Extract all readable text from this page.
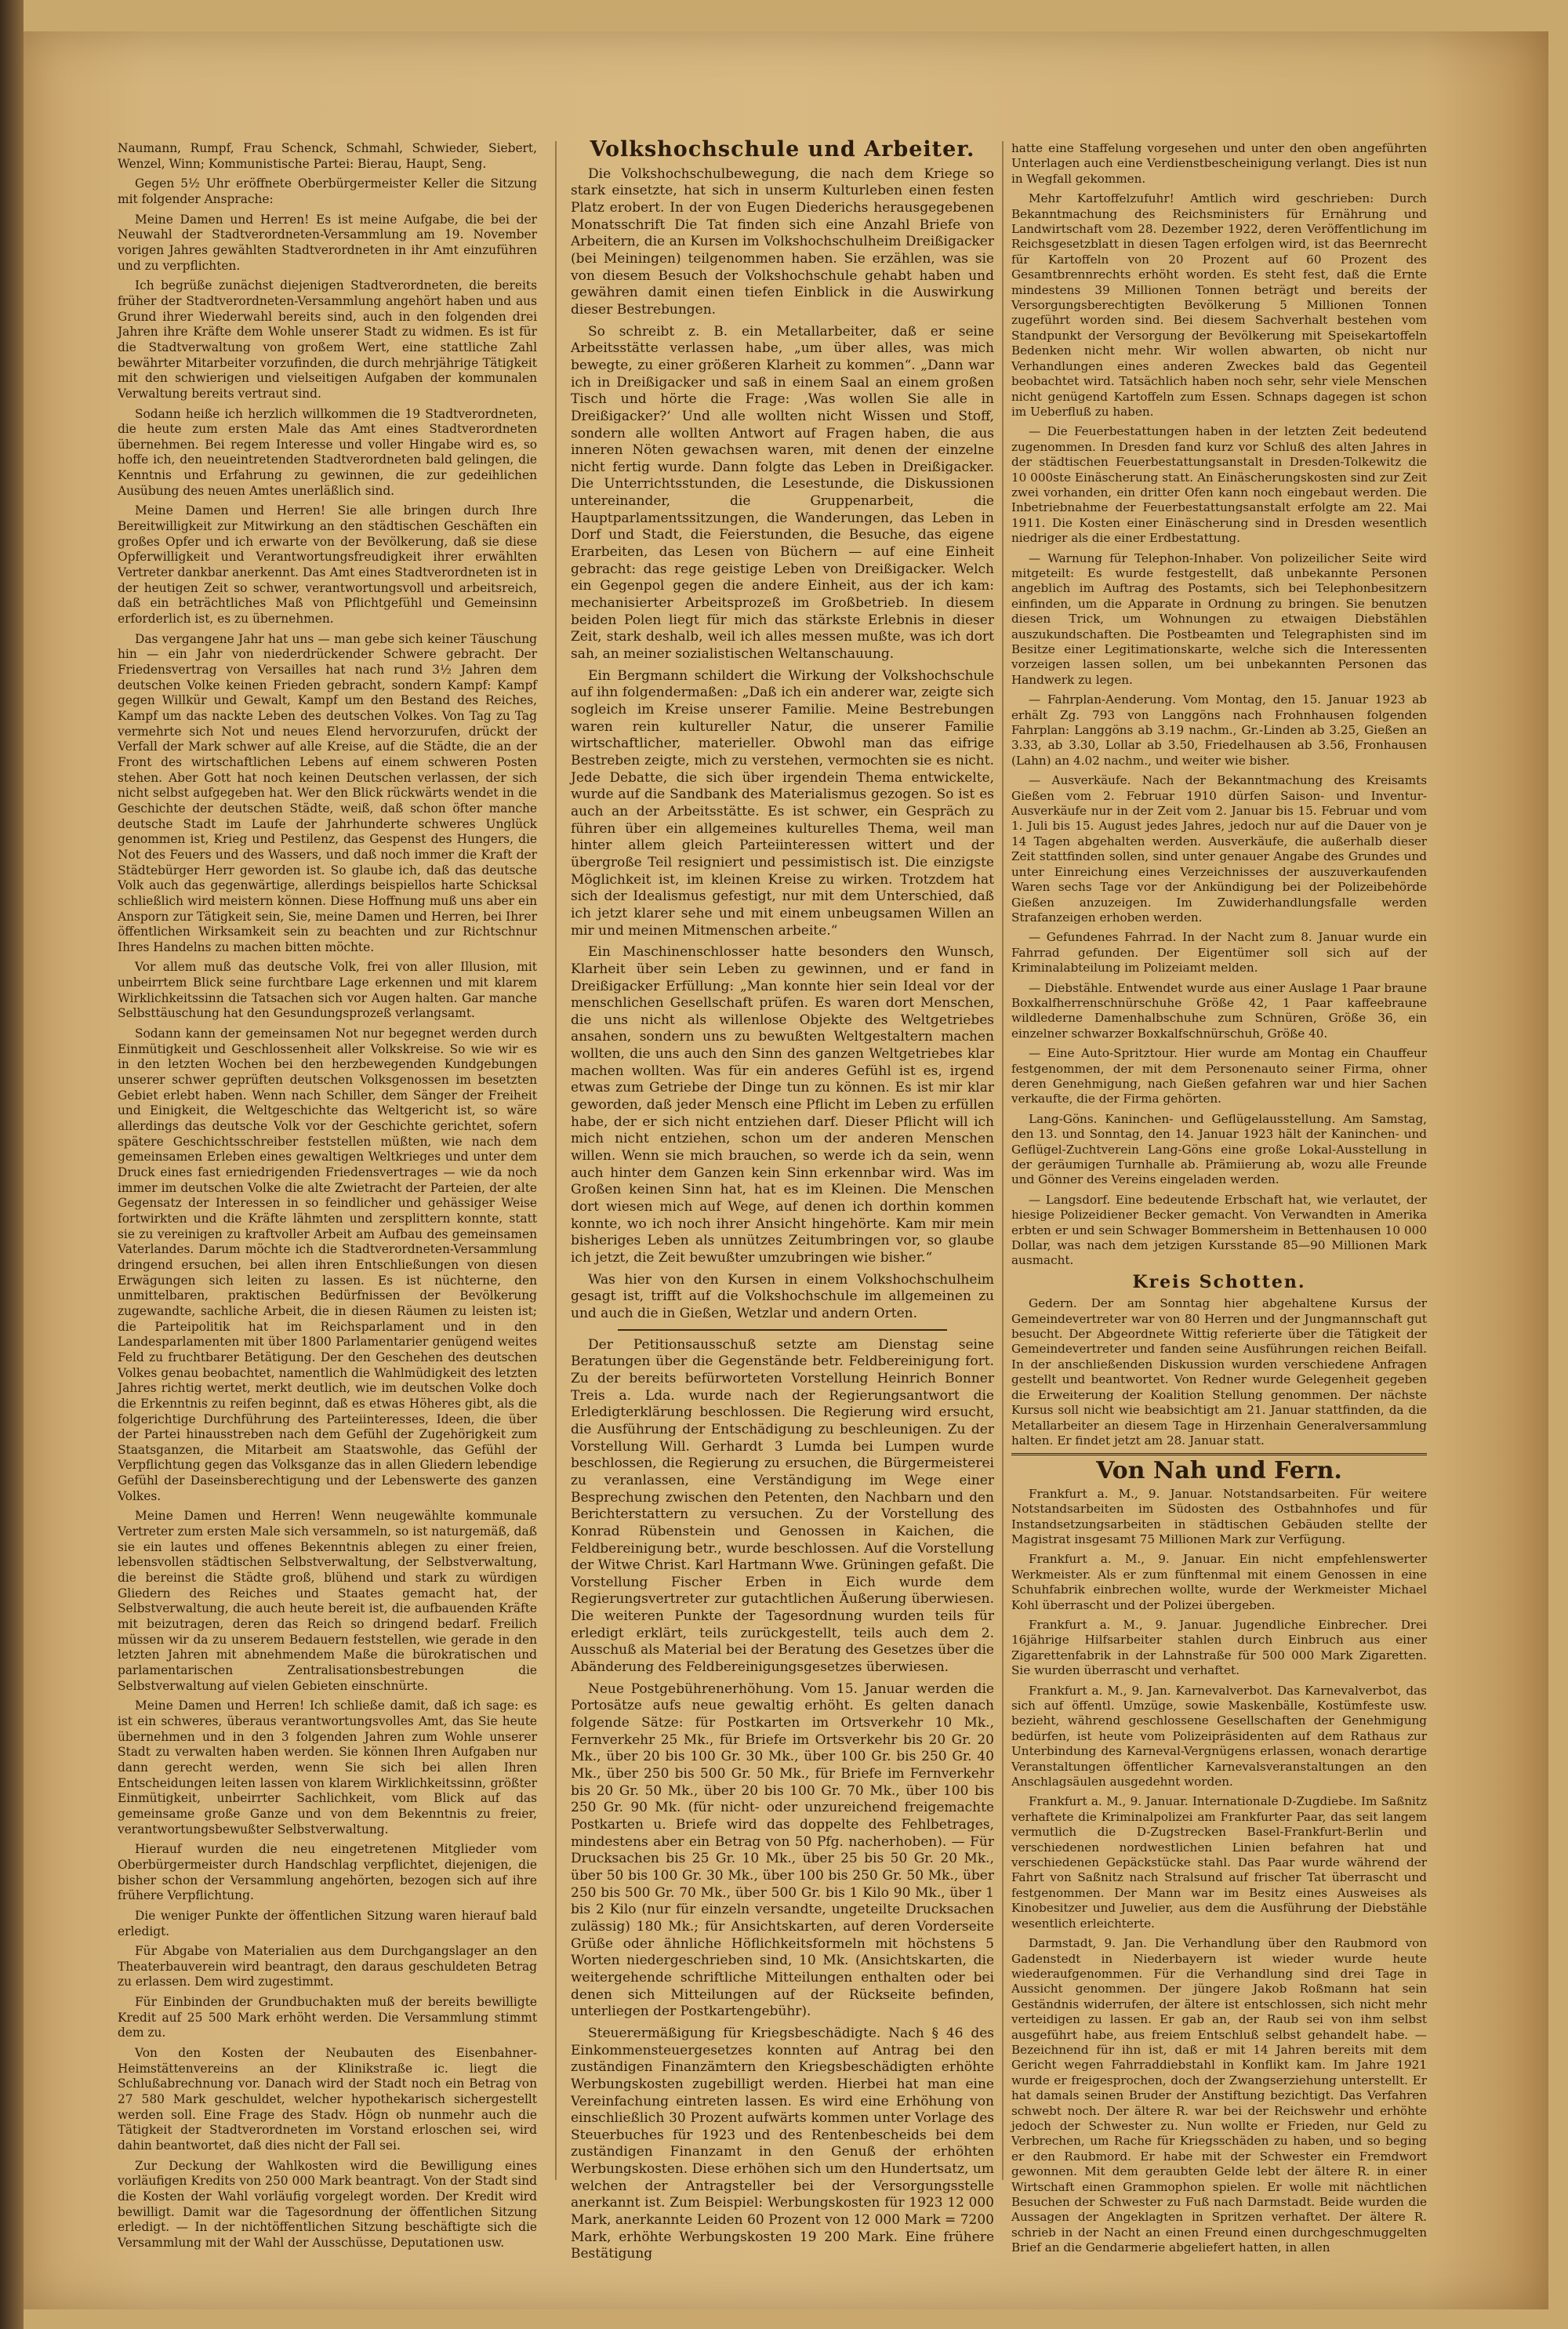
Naumann, Rumpf, Frau Schenck, Schmahl, Schwieder, Siebert, Wenzel, Winn; Kommunistische Partei: Bierau, Haupt, Seng.

Gegen 5½ Uhr eröffnete Oberbürgermeister Keller die Sitzung mit folgender Ansprache:

Meine Damen und Herren! Es ist meine Aufgabe, die bei der Neuwahl der Stadtverordneten-Versammlung am 19. November vorigen Jahres gewählten Stadtverordneten in ihr Amt einzuführen und zu verpflichten.

Ich begrüße zunächst diejenigen Stadtverordneten, die bereits früher der Stadtverordneten-Versammlung angehört haben und aus Grund ihrer Wiederwahl bereits sind, auch in den folgenden drei Jahren ihre Kräfte dem Wohle unserer Stadt zu widmen. Es ist für die Stadtverwaltung von großem Wert, eine stattliche Zahl bewährter Mitarbeiter vorzufinden, die durch mehrjährige Tätigkeit mit den schwierigen und vielseitigen Aufgaben der kommunalen Verwaltung bereits vertraut sind.

Sodann heiße ich herzlich willkommen die 19 Stadtverordneten, die heute zum ersten Male das Amt eines Stadtverordneten übernehmen. Bei regem Interesse und voller Hingabe wird es, so hoffe ich, den neueintretenden Stadtverordneten bald gelingen, die Kenntnis und Erfahrung zu gewinnen, die zur gedeihlichen Ausübung des neuen Amtes unerläßlich sind.

Meine Damen und Herren! Sie alle bringen durch Ihre Bereitwilligkeit zur Mitwirkung an den städtischen Geschäften ein großes Opfer und ich erwarte von der Bevölkerung, daß sie diese Opferwilligkeit und Verantwortungsfreudigkeit ihrer erwählten Vertreter dankbar anerkennt. Das Amt eines Stadtverordneten ist in der heutigen Zeit so schwer, verantwortungsvoll und arbeitsreich, daß ein beträchtliches Maß von Pflichtgefühl und Gemeinsinn erforderlich ist, es zu übernehmen.

Das vergangene Jahr hat uns — man gebe sich keiner Täuschung hin — ein Jahr von niederdrückender Schwere gebracht. Der Friedensvertrag von Versailles hat nach rund 3½ Jahren dem deutschen Volke keinen Frieden gebracht, sondern Kampf: Kampf gegen Willkür und Gewalt, Kampf um den Bestand des Reiches, Kampf um das nackte Leben des deutschen Volkes. Von Tag zu Tag vermehrte sich Not und neues Elend hervorzurufen, drückt der Verfall der Mark schwer auf alle Kreise, auf die Städte, die an der Front des wirtschaftlichen Lebens auf einem schweren Posten stehen. Aber Gott hat noch keinen Deutschen verlassen, der sich nicht selbst aufgegeben hat. Wer den Blick rückwärts wendet in die Geschichte der deutschen Städte, weiß, daß schon öfter manche deutsche Stadt im Laufe der Jahrhunderte schweres Unglück genommen ist, Krieg und Pestilenz, das Gespenst des Hungers, die Not des Feuers und des Wassers, und daß noch immer die Kraft der Städtebürger Herr geworden ist. So glaube ich, daß das deutsche Volk auch das gegenwärtige, allerdings beispiellos harte Schicksal schließlich wird meistern können. Diese Hoffnung muß uns aber ein Ansporn zur Tätigkeit sein, Sie, meine Damen und Herren, bei Ihrer öffentlichen Wirksamkeit sein zu beachten und zur Richtschnur Ihres Handelns zu machen bitten möchte.

Vor allem muß das deutsche Volk, frei von aller Illusion, mit unbeirrtem Blick seine furchtbare Lage erkennen und mit klarem Wirklichkeitssinn die Tatsachen sich vor Augen halten. Gar manche Selbsttäuschung hat den Gesundungsprozeß verlangsamt.

Sodann kann der gemeinsamen Not nur begegnet werden durch Einmütigkeit und Geschlossenheit aller Volkskreise. So wie wir es in den letzten Wochen bei den herzbewegenden Kundgebungen unserer schwer geprüften deutschen Volksgenossen im besetzten Gebiet erlebt haben. Wenn nach Schiller, dem Sänger der Freiheit und Einigkeit, die Weltgeschichte das Weltgericht ist, so wäre allerdings das deutsche Volk vor der Geschichte gerichtet, sofern spätere Geschichtsschreiber feststellen müßten, wie nach dem gemeinsamen Erleben eines gewaltigen Weltkrieges und unter dem Druck eines fast erniedrigenden Friedensvertrages — wie da noch immer im deutschen Volke die alte Zwietracht der Parteien, der alte Gegensatz der Interessen in so feindlicher und gehässiger Weise fortwirkten und die Kräfte lähmten und zersplittern konnte, statt sie zu vereinigen zu kraftvoller Arbeit am Aufbau des gemeinsamen Vaterlandes. Darum möchte ich die Stadtverordneten-Versammlung dringend ersuchen, bei allen ihren Entschließungen von diesen Erwägungen sich leiten zu lassen. Es ist nüchterne, den unmittelbaren, praktischen Bedürfnissen der Bevölkerung zugewandte, sachliche Arbeit, die in diesen Räumen zu leisten ist; die Parteipolitik hat im Reichsparlament und in den Landesparlamenten mit über 1800 Parlamentarier genügend weites Feld zu fruchtbarer Betätigung. Der den Geschehen des deutschen Volkes genau beobachtet, namentlich die Wahlmüdigkeit des letzten Jahres richtig wertet, merkt deutlich, wie im deutschen Volke doch die Erkenntnis zu reifen beginnt, daß es etwas Höheres gibt, als die folgerichtige Durchführung des Parteiinteresses, Ideen, die über der Partei hinausstreben nach dem Gefühl der Zugehörigkeit zum Staatsganzen, die Mitarbeit am Staatswohle, das Gefühl der Verpflichtung gegen das Volksganze das in allen Gliedern lebendige Gefühl der Daseinsberechtigung und der Lebenswerte des ganzen Volkes.

Meine Damen und Herren! Wenn neugewählte kommunale Vertreter zum ersten Male sich versammeln, so ist naturgemäß, daß sie ein lautes und offenes Bekenntnis ablegen zu einer freien, lebensvollen städtischen Selbstverwaltung, der Selbstverwaltung, die bereinst die Städte groß, blühend und stark zu würdigen Gliedern des Reiches und Staates gemacht hat, der Selbstverwaltung, die auch heute bereit ist, die aufbauenden Kräfte mit beizutragen, deren das Reich so dringend bedarf. Freilich müssen wir da zu unserem Bedauern feststellen, wie gerade in den letzten Jahren mit abnehmendem Maße die bürokratischen und parlamentarischen Zentralisationsbestrebungen die Selbstverwaltung auf vielen Gebieten einschnürte.

Meine Damen und Herren! Ich schließe damit, daß ich sage: es ist ein schweres, überaus verantwortungsvolles Amt, das Sie heute übernehmen und in den 3 folgenden Jahren zum Wohle unserer Stadt zu verwalten haben werden. Sie können Ihren Aufgaben nur dann gerecht werden, wenn Sie sich bei allen Ihren Entscheidungen leiten lassen von klarem Wirklichkeitssinn, größter Einmütigkeit, unbeirrter Sachlichkeit, vom Blick auf das gemeinsame große Ganze und von dem Bekenntnis zu freier, verantwortungsbewußter Selbstverwaltung.

Hierauf wurden die neu eingetretenen Mitglieder vom Oberbürgermeister durch Handschlag verpflichtet, diejenigen, die bisher schon der Versammlung angehörten, bezogen sich auf ihre frühere Verpflichtung.

Die weniger Punkte der öffentlichen Sitzung waren hierauf bald erledigt.

Für Abgabe von Materialien aus dem Durchgangslager an den Theaterbauverein wird beantragt, den daraus geschuldeten Betrag zu erlassen. Dem wird zugestimmt.

Für Einbinden der Grundbuchakten muß der bereits bewilligte Kredit auf 25 500 Mark erhöht werden. Die Versammlung stimmt dem zu.

Von den Kosten der Neubauten des Eisenbahner-Heimstättenvereins an der Klinikstraße ic. liegt die Schlußabrechnung vor. Danach wird der Stadt noch ein Betrag von 27 580 Mark geschuldet, welcher hypothekarisch sichergestellt werden soll. Eine Frage des Stadv. Högn ob nunmehr auch die Tätigkeit der Stadtverordneten im Vorstand erloschen sei, wird dahin beantwortet, daß dies nicht der Fall sei.

Zur Deckung der Wahlkosten wird die Bewilligung eines vorläufigen Kredits von 250 000 Mark beantragt. Von der Stadt sind die Kosten der Wahl vorläufig vorgelegt worden. Der Kredit wird bewilligt. Damit war die Tagesordnung der öffentlichen Sitzung erledigt. — In der nichtöffentlichen Sitzung beschäftigte sich die Versammlung mit der Wahl der Ausschüsse, Deputationen usw.

Volkshochschule und Arbeiter.

Die Volkshochschulbewegung, die nach dem Kriege so stark einsetzte, hat sich in unserm Kulturleben einen festen Platz erobert. In der von Eugen Diederichs herausgegebenen Monatsschrift Die Tat finden sich eine Anzahl Briefe von Arbeitern, die an Kursen im Volkshochschulheim Dreißigacker (bei Meiningen) teilgenommen haben. Sie erzählen, was sie von diesem Besuch der Volkshochschule gehabt haben und gewähren damit einen tiefen Einblick in die Auswirkung dieser Bestrebungen.

So schreibt z. B. ein Metallarbeiter, daß er seine Arbeitsstätte verlassen habe, „um über alles, was mich bewegte, zu einer größeren Klarheit zu kommen“. „Dann war ich in Dreißigacker und saß in einem Saal an einem großen Tisch und hörte die Frage: ‚Was wollen Sie alle in Dreißigacker?‘ Und alle wollten nicht Wissen und Stoff, sondern alle wollten Antwort auf Fragen haben, die aus inneren Nöten gewachsen waren, mit denen der einzelne nicht fertig wurde. Dann folgte das Leben in Dreißigacker. Die Unterrichtsstunden, die Lesestunde, die Diskussionen untereinander, die Gruppenarbeit, die Hauptparlamentssitzungen, die Wanderungen, das Leben in Dorf und Stadt, die Feierstunden, die Besuche, das eigene Erarbeiten, das Lesen von Büchern — auf eine Einheit gebracht: das rege geistige Leben von Dreißigacker. Welch ein Gegenpol gegen die andere Einheit, aus der ich kam: mechanisierter Arbeitsprozeß im Großbetrieb. In diesem beiden Polen liegt für mich das stärkste Erlebnis in dieser Zeit, stark deshalb, weil ich alles messen mußte, was ich dort sah, an meiner sozialistischen Weltanschauung.

Ein Bergmann schildert die Wirkung der Volkshochschule auf ihn folgendermaßen: „Daß ich ein anderer war, zeigte sich sogleich im Kreise unserer Familie. Meine Bestrebungen waren rein kultureller Natur, die unserer Familie wirtschaftlicher, materieller. Obwohl man das eifrige Bestreben zeigte, mich zu verstehen, vermochten sie es nicht. Jede Debatte, die sich über irgendein Thema entwickelte, wurde auf die Sandbank des Materialismus gezogen. So ist es auch an der Arbeitsstätte. Es ist schwer, ein Gespräch zu führen über ein allgemeines kulturelles Thema, weil man hinter allem gleich Parteiinteressen wittert und der übergroße Teil resigniert und pessimistisch ist. Die einzigste Möglichkeit ist, im kleinen Kreise zu wirken. Trotzdem hat sich der Idealismus gefestigt, nur mit dem Unterschied, daß ich jetzt klarer sehe und mit einem unbeugsamen Willen an mir und meinen Mitmenschen arbeite.“

Ein Maschinenschlosser hatte besonders den Wunsch, Klarheit über sein Leben zu gewinnen, und er fand in Dreißigacker Erfüllung: „Man konnte hier sein Ideal vor der menschlichen Gesellschaft prüfen. Es waren dort Menschen, die uns nicht als willenlose Objekte des Weltgetriebes ansahen, sondern uns zu bewußten Weltgestaltern machen wollten, die uns auch den Sinn des ganzen Weltgetriebes klar machen wollten. Was für ein anderes Gefühl ist es, irgend etwas zum Getriebe der Dinge tun zu können. Es ist mir klar geworden, daß jeder Mensch eine Pflicht im Leben zu erfüllen habe, der er sich nicht entziehen darf. Dieser Pflicht will ich mich nicht entziehen, schon um der anderen Menschen willen. Wenn sie mich brauchen, so werde ich da sein, wenn auch hinter dem Ganzen kein Sinn erkennbar wird. Was im Großen keinen Sinn hat, hat es im Kleinen. Die Menschen dort wiesen mich auf Wege, auf denen ich dorthin kommen konnte, wo ich noch ihrer Ansicht hingehörte. Kam mir mein bisheriges Leben als unnützes Zeitumbringen vor, so glaube ich jetzt, die Zeit bewußter umzubringen wie bisher.“

Was hier von den Kursen in einem Volkshochschulheim gesagt ist, trifft auf die Volkshochschule im allgemeinen zu und auch die in Gießen, Wetzlar und andern Orten.

Der Petitionsausschuß setzte am Dienstag seine Beratungen über die Gegenstände betr. Feldbereinigung fort. Zu der bereits befürworteten Vorstellung Heinrich Bonner Treis a. Lda. wurde nach der Regierungsantwort die Erledigterklärung beschlossen. Die Regierung wird ersucht, die Ausführung der Entschädigung zu beschleunigen. Zu der Vorstellung Will. Gerhardt 3 Lumda bei Lumpen wurde beschlossen, die Regierung zu ersuchen, die Bürgermeisterei zu veranlassen, eine Verständigung im Wege einer Besprechung zwischen den Petenten, den Nachbarn und den Berichterstattern zu versuchen. Zu der Vorstellung des Konrad Rübenstein und Genossen in Kaichen, die Feldbereinigung betr., wurde beschlossen. Auf die Vorstellung der Witwe Christ. Karl Hartmann Wwe. Grüningen gefaßt. Die Vorstellung Fischer Erben in Eich wurde dem Regierungsvertreter zur gutachtlichen Äußerung überwiesen. Die weiteren Punkte der Tagesordnung wurden teils für erledigt erklärt, teils zurückgestellt, teils auch dem 2. Ausschuß als Material bei der Beratung des Gesetzes über die Abänderung des Feldbereinigungsgesetzes überwiesen.

Neue Postgebührenerhöhung. Vom 15. Januar werden die Portosätze aufs neue gewaltig erhöht. Es gelten danach folgende Sätze: für Postkarten im Ortsverkehr 10 Mk., Fernverkehr 25 Mk., für Briefe im Ortsverkehr bis 20 Gr. 20 Mk., über 20 bis 100 Gr. 30 Mk., über 100 Gr. bis 250 Gr. 40 Mk., über 250 bis 500 Gr. 50 Mk., für Briefe im Fernverkehr bis 20 Gr. 50 Mk., über 20 bis 100 Gr. 70 Mk., über 100 bis 250 Gr. 90 Mk. (für nicht- oder unzureichend freigemachte Postkarten u. Briefe wird das doppelte des Fehlbetrages, mindestens aber ein Betrag von 50 Pfg. nacherhoben). — Für Drucksachen bis 25 Gr. 10 Mk., über 25 bis 50 Gr. 20 Mk., über 50 bis 100 Gr. 30 Mk., über 100 bis 250 Gr. 50 Mk., über 250 bis 500 Gr. 70 Mk., über 500 Gr. bis 1 Kilo 90 Mk., über 1 bis 2 Kilo (nur für einzeln versandte, ungeteilte Drucksachen zulässig) 180 Mk.; für Ansichtskarten, auf deren Vorderseite Grüße oder ähnliche Höflichkeitsformeln mit höchstens 5 Worten niedergeschrieben sind, 10 Mk. (Ansichtskarten, die weitergehende schriftliche Mitteilungen enthalten oder bei denen sich Mitteilungen auf der Rückseite befinden, unterliegen der Postkartengebühr).

Steuerermäßigung für Kriegsbeschädigte. Nach § 46 des Einkommensteuergesetzes konnten auf Antrag bei den zuständigen Finanzämtern den Kriegsbeschädigten erhöhte Werbungskosten zugebilligt werden. Hierbei hat man eine Vereinfachung eintreten lassen. Es wird eine Erhöhung von einschließlich 30 Prozent aufwärts kommen unter Vorlage des Steuerbuches für 1923 und des Rentenbescheids bei dem zuständigen Finanzamt in den Genuß der erhöhten Werbungskosten. Diese erhöhen sich um den Hundertsatz, um welchen der Antragsteller bei der Versorgungsstelle anerkannt ist. Zum Beispiel: Werbungskosten für 1923 12 000 Mark, anerkannte Leiden 60 Prozent von 12 000 Mark = 7200 Mark, erhöhte Werbungskosten 19 200 Mark. Eine frühere Bestätigung

hatte eine Staffelung vorgesehen und unter den oben angeführten Unterlagen auch eine Verdienstbescheinigung verlangt. Dies ist nun in Wegfall gekommen.

Mehr Kartoffelzufuhr! Amtlich wird geschrieben: Durch Bekanntmachung des Reichsministers für Ernährung und Landwirtschaft vom 28. Dezember 1922, deren Veröffentlichung im Reichsgesetzblatt in diesen Tagen erfolgen wird, ist das Beernrecht für Kartoffeln von 20 Prozent auf 60 Prozent des Gesamtbrennrechts erhöht worden. Es steht fest, daß die Ernte mindestens 39 Millionen Tonnen beträgt und bereits der Versorgungsberechtigten Bevölkerung 5 Millionen Tonnen zugeführt worden sind. Bei diesem Sachverhalt bestehen vom Standpunkt der Versorgung der Bevölkerung mit Speisekartoffeln Bedenken nicht mehr. Wir wollen abwarten, ob nicht nur Verhandlungen eines anderen Zweckes bald das Gegenteil beobachtet wird. Tatsächlich haben noch sehr, sehr viele Menschen nicht genügend Kartoffeln zum Essen. Schnaps dagegen ist schon im Ueberfluß zu haben.

— Die Feuerbestattungen haben in der letzten Zeit bedeutend zugenommen. In Dresden fand kurz vor Schluß des alten Jahres in der städtischen Feuerbestattungsanstalt in Dresden-Tolkewitz die 10 000ste Einäscherung statt. An Einäscherungskosten sind zur Zeit zwei vorhanden, ein dritter Ofen kann noch eingebaut werden. Die Inbetriebnahme der Feuerbestattungsanstalt erfolgte am 22. Mai 1911. Die Kosten einer Einäscherung sind in Dresden wesentlich niedriger als die einer Erdbestattung.

— Warnung für Telephon-Inhaber. Von polizeilicher Seite wird mitgeteilt: Es wurde festgestellt, daß unbekannte Personen angeblich im Auftrag des Postamts, sich bei Telephonbesitzern einfinden, um die Apparate in Ordnung zu bringen. Sie benutzen diesen Trick, um Wohnungen zu etwaigen Diebstählen auszukundschaften. Die Postbeamten und Telegraphisten sind im Besitze einer Legitimationskarte, welche sich die Interessenten vorzeigen lassen sollen, um bei unbekannten Personen das Handwerk zu legen.

— Fahrplan-Aenderung. Vom Montag, den 15. Januar 1923 ab erhält Zg. 793 von Langgöns nach Frohnhausen folgenden Fahrplan: Langgöns ab 3.19 nachm., Gr.-Linden ab 3.25, Gießen an 3.33, ab 3.30, Lollar ab 3.50, Friedelhausen ab 3.56, Fronhausen (Lahn) an 4.02 nachm., und weiter wie bisher.

— Ausverkäufe. Nach der Bekanntmachung des Kreisamts Gießen vom 2. Februar 1910 dürfen Saison- und Inventur-Ausverkäufe nur in der Zeit vom 2. Januar bis 15. Februar und vom 1. Juli bis 15. August jedes Jahres, jedoch nur auf die Dauer von je 14 Tagen abgehalten werden. Ausverkäufe, die außerhalb dieser Zeit stattfinden sollen, sind unter genauer Angabe des Grundes und unter Einreichung eines Verzeichnisses der auszuverkaufenden Waren sechs Tage vor der Ankündigung bei der Polizeibehörde Gießen anzuzeigen. Im Zuwiderhandlungsfalle werden Strafanzeigen erhoben werden.

— Gefundenes Fahrrad. In der Nacht zum 8. Januar wurde ein Fahrrad gefunden. Der Eigentümer soll sich auf der Kriminalabteilung im Polizeiamt melden.

— Diebstähle. Entwendet wurde aus einer Auslage 1 Paar braune Boxkalfherrenschnürschuhe Größe 42, 1 Paar kaffeebraune wildlederne Damenhalbschuhe zum Schnüren, Größe 36, ein einzelner schwarzer Boxkalfschnürschuh, Größe 40.

— Eine Auto-Spritztour. Hier wurde am Montag ein Chauffeur festgenommen, der mit dem Personenauto seiner Firma, ohner deren Genehmigung, nach Gießen gefahren war und hier Sachen verkaufte, die der Firma gehörten.

Lang-Göns. Kaninchen- und Geflügelausstellung. Am Samstag, den 13. und Sonntag, den 14. Januar 1923 hält der Kaninchen- und Geflügel-Zuchtverein Lang-Göns eine große Lokal-Ausstellung in der geräumigen Turnhalle ab. Prämiierung ab, wozu alle Freunde und Gönner des Vereins eingeladen werden.

— Langsdorf. Eine bedeutende Erbschaft hat, wie verlautet, der hiesige Polizeidiener Becker gemacht. Von Verwandten in Amerika erbten er und sein Schwager Bommersheim in Bettenhausen 10 000 Dollar, was nach dem jetzigen Kursstande 85—90 Millionen Mark ausmacht.

Kreis Schotten.

Gedern. Der am Sonntag hier abgehaltene Kursus der Gemeindevertreter war von 80 Herren und der Jungmannschaft gut besucht. Der Abgeordnete Wittig referierte über die Tätigkeit der Gemeindevertreter und fanden seine Ausführungen reichen Beifall. In der anschließenden Diskussion wurden verschiedene Anfragen gestellt und beantwortet. Von Redner wurde Gelegenheit gegeben die Erweiterung der Koalition Stellung genommen. Der nächste Kursus soll nicht wie beabsichtigt am 21. Januar stattfinden, da die Metallarbeiter an diesem Tage in Hirzenhain Generalversammlung halten. Er findet jetzt am 28. Januar statt.

Von Nah und Fern.

Frankfurt a. M., 9. Januar. Notstandsarbeiten. Für weitere Notstandsarbeiten im Südosten des Ostbahnhofes und für Instandsetzungsarbeiten in städtischen Gebäuden stellte der Magistrat insgesamt 75 Millionen Mark zur Verfügung.

Frankfurt a. M., 9. Januar. Ein nicht empfehlenswerter Werkmeister. Als er zum fünftenmal mit einem Genossen in eine Schuhfabrik einbrechen wollte, wurde der Werkmeister Michael Kohl überrascht und der Polizei übergeben.

Frankfurt a. M., 9. Januar. Jugendliche Einbrecher. Drei 16jährige Hilfsarbeiter stahlen durch Einbruch aus einer Zigarettenfabrik in der Lahnstraße für 500 000 Mark Zigaretten. Sie wurden überrascht und verhaftet.

Frankfurt a. M., 9. Jan. Karnevalverbot. Das Karnevalverbot, das sich auf öffentl. Umzüge, sowie Maskenbälle, Kostümfeste usw. bezieht, während geschlossene Gesellschaften der Genehmigung bedürfen, ist heute vom Polizeipräsidenten auf dem Rathaus zur Unterbindung des Karneval-Vergnügens erlassen, wonach derartige Veranstaltungen öffentlicher Karnevalsveranstaltungen an den Anschlagsäulen ausgedehnt worden.

Frankfurt a. M., 9. Januar. Internationale D-Zugdiebe. Im Saßnitz verhaftete die Kriminalpolizei am Frankfurter Paar, das seit langem vermutlich die D-Zugstrecken Basel-Frankfurt-Berlin und verschiedenen nordwestlichen Linien befahren hat und verschiedenen Gepäckstücke stahl. Das Paar wurde während der Fahrt von Saßnitz nach Stralsund auf frischer Tat überrascht und festgenommen. Der Mann war im Besitz eines Ausweises als Kinobesitzer und Juwelier, aus dem die Ausführung der Diebstähle wesentlich erleichterte.

Darmstadt, 9. Jan. Die Verhandlung über den Raubmord von Gadenstedt in Niederbayern ist wieder wurde heute wiederaufgenommen. Für die Verhandlung sind drei Tage in Aussicht genommen. Der jüngere Jakob Roßmann hat sein Geständnis widerrufen, der ältere ist entschlossen, sich nicht mehr verteidigen zu lassen. Er gab an, der Raub sei von ihm selbst ausgeführt habe, aus freiem Entschluß selbst gehandelt habe. — Bezeichnend für ihn ist, daß er mit 14 Jahren bereits mit dem Gericht wegen Fahrraddiebstahl in Konflikt kam. Im Jahre 1921 wurde er freigesprochen, doch der Zwangserziehung unterstellt. Er hat damals seinen Bruder der Anstiftung bezichtigt. Das Verfahren schwebt noch. Der ältere R. war bei der Reichswehr und erhöhte jedoch der Schwester zu. Nun wollte er Frieden, nur Geld zu Verbrechen, um Rache für Kriegsschäden zu haben, und so beging er den Raubmord. Er habe mit der Schwester ein Fremdwort gewonnen. Mit dem geraubten Gelde lebt der ältere R. in einer Wirtschaft einen Grammophon spielen. Er wolle mit nächtlichen Besuchen der Schwester zu Fuß nach Darmstadt. Beide wurden die Aussagen der Angeklagten in Spritzen verhaftet. Der ältere R. schrieb in der Nacht an einen Freund einen durchgeschmuggelten Brief an die Gendarmerie abgeliefert hatten, in allen
